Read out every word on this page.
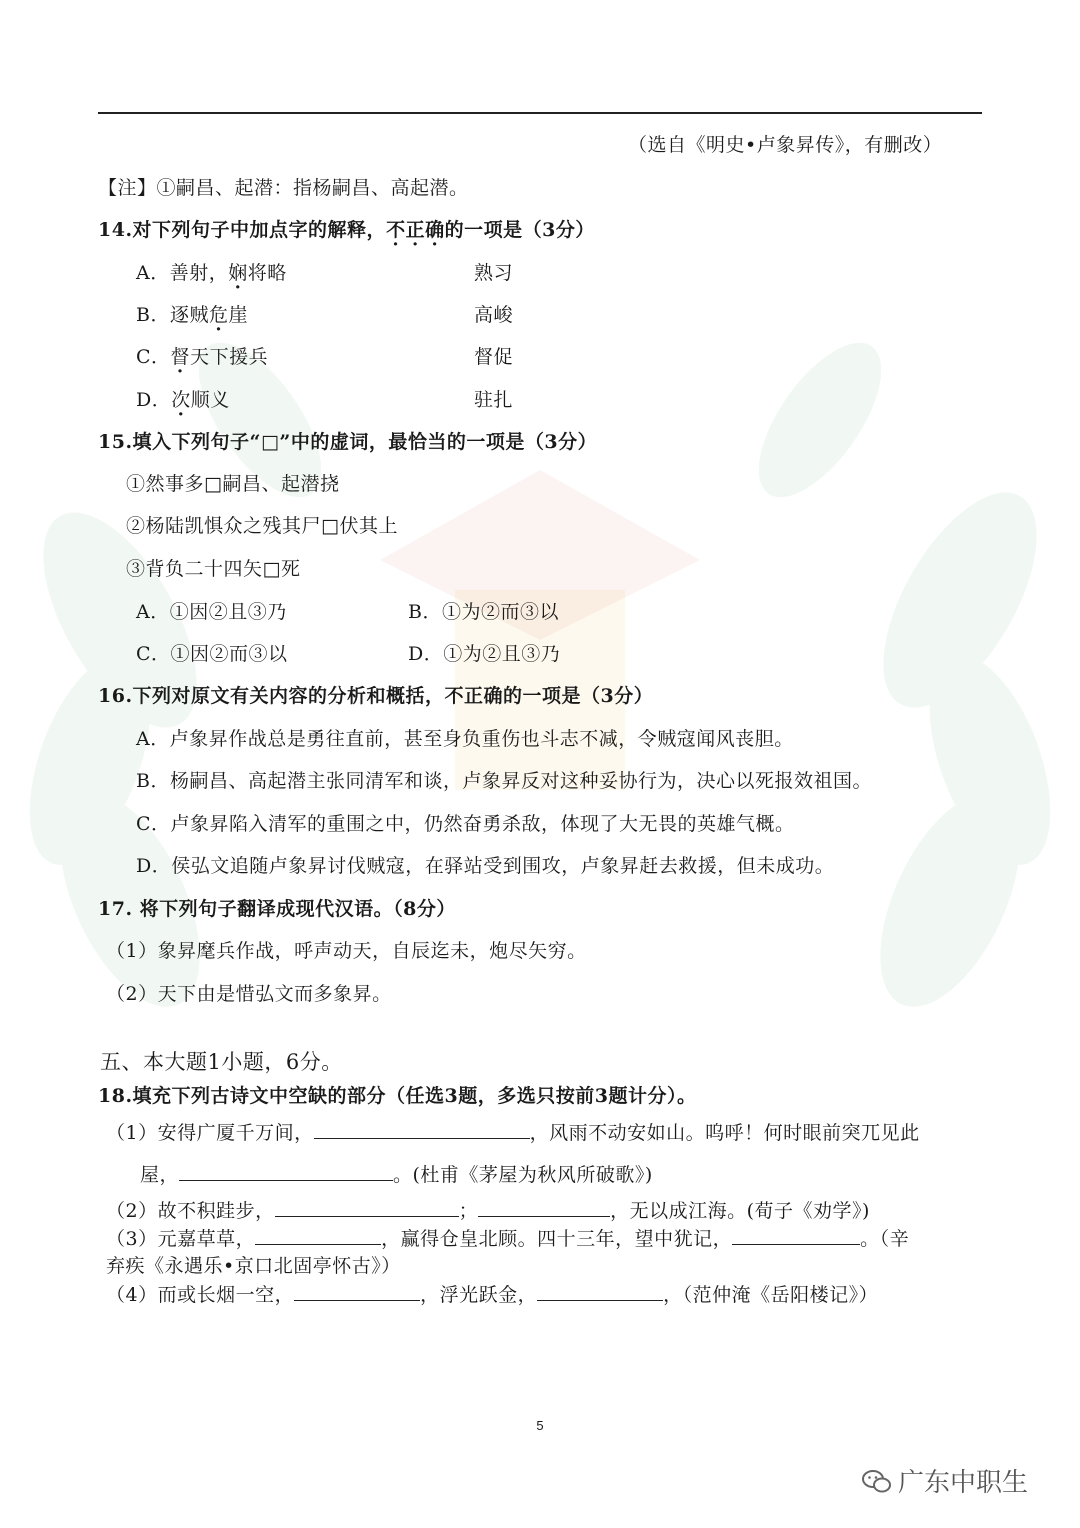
（选自《明史•卢象昇传》，有删改）
【注】①嗣昌、起潜：指杨嗣昌、高起潜。
14.对下列句子中加点字的解释，不正确的一项是（3分）
A．善射，娴将略	熟习
B．逐贼危崖	高峻
C．督天下援兵	督促
D．次顺义	驻扎
15.填入下列句子“□”中的虚词，最恰当的一项是（3分）
①然事多□嗣昌、起潜挠
②杨陆凯惧众之残其尸□伏其上
③背负二十四矢□死
A．①因②且③乃	B．①为②而③以
C．①因②而③以	D．①为②且③乃
16.下列对原文有关内容的分析和概括，不正确的一项是（3分）
A．卢象昇作战总是勇往直前，甚至身负重伤也斗志不减，令贼寇闻风丧胆。
B．杨嗣昌、高起潜主张同清军和谈，卢象昇反对这种妥协行为，决心以死报效祖国。
C．卢象昇陷入清军的重围之中，仍然奋勇杀敌，体现了大无畏的英雄气概。
D．侯弘文追随卢象昇讨伐贼寇，在驿站受到围攻，卢象昇赶去救援，但未成功。
17. 将下列句子翻译成现代汉语。（8分）
（1）象昇麾兵作战，呼声动天，自辰迄未，炮尽矢穷。
（2）天下由是惜弘文而多象昇。
五、本大题1小题，6分。
18.填充下列古诗文中空缺的部分（任选3题，多选只按前3题计分）。
（1）安得广厦千万间，	，风雨不动安如山。呜呼！何时眼前突兀见此
屋，	。(杜甫《茅屋为秋风所破歌》)
（2）故不积跬步，	；	，无以成江海。(荀子《劝学》)
（3）元嘉草草，	，赢得仓皇北顾。四十三年，望中犹记，	。（辛
弃疾《永遇乐•京口北固亭怀古》）
（4）而或长烟一空，	，浮光跃金，	，（范仲淹《岳阳楼记》）
5
广东中职生
